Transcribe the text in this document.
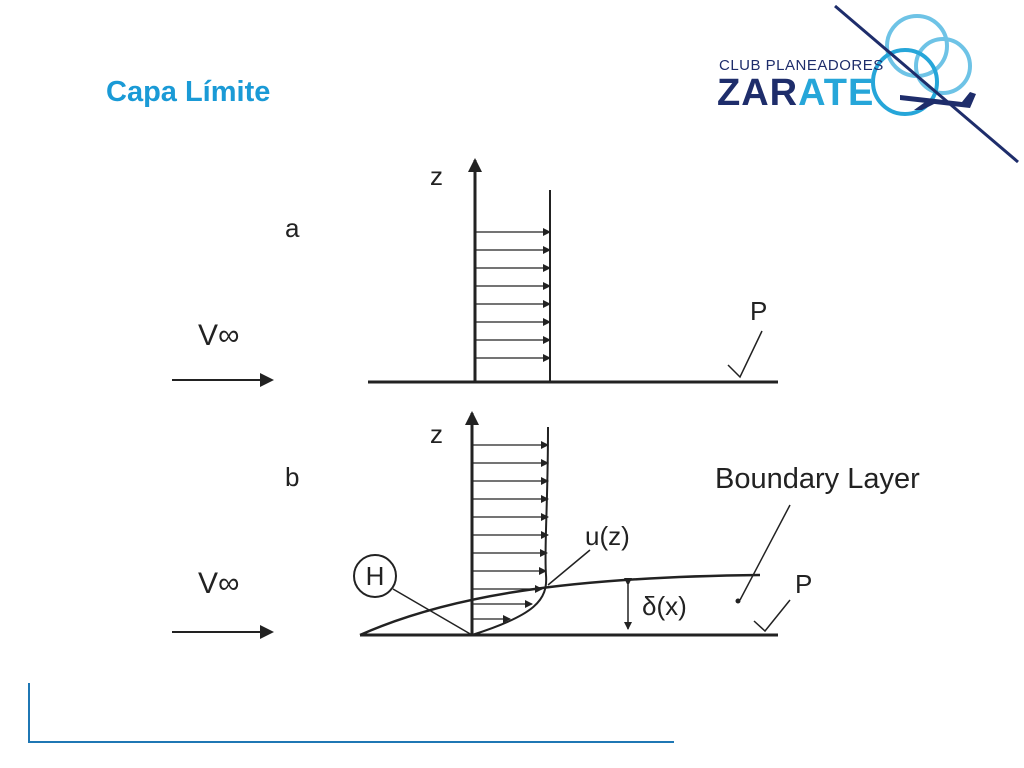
Capa Límite
CLUB PLANEADORES
ZARATE
a
z
V∞
P
b
z
V∞	H
u(z)
Boundary Layer
δ(x)
P
